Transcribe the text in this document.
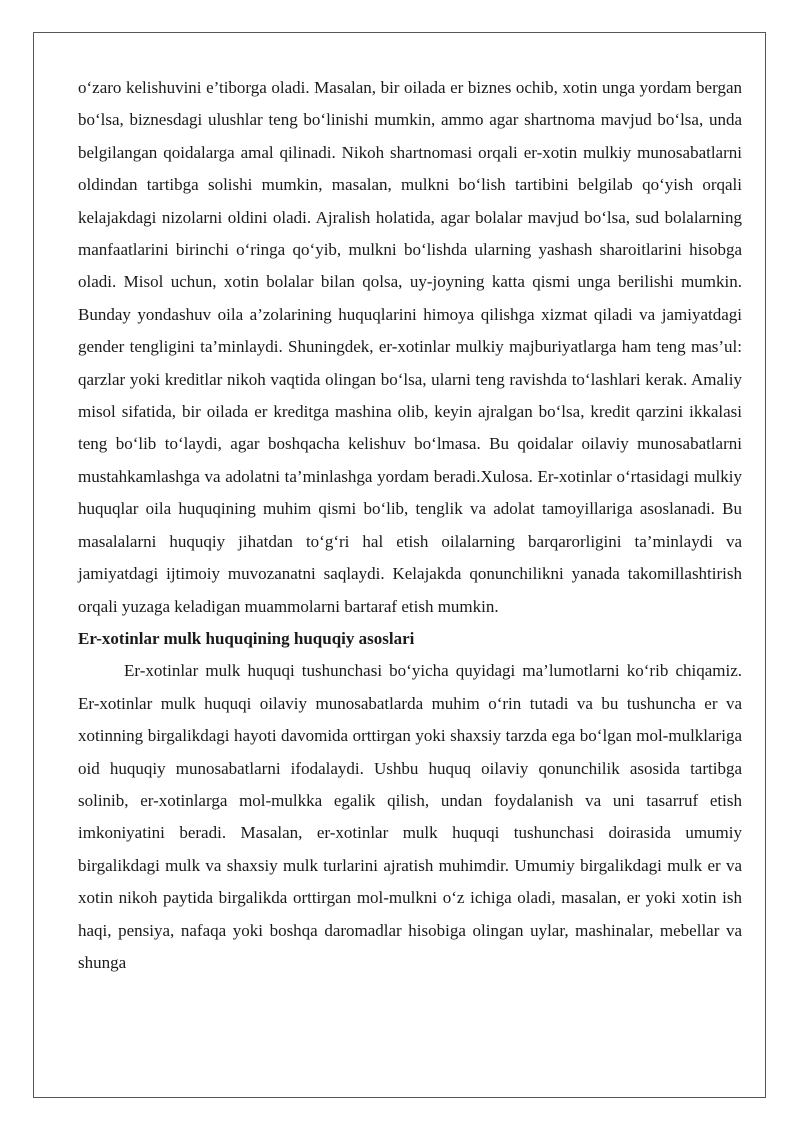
o‘zaro kelishuvini e’tiborga oladi. Masalan, bir oilada er biznes ochib, xotin unga yordam bergan bo‘lsa, biznesdagi ulushlar teng bo‘linishi mumkin, ammo agar shartnoma mavjud bo‘lsa, unda belgilangan qoidalarga amal qilinadi. Nikoh shartnomasi orqali er-xotin mulkiy munosabatlarni oldindan tartibga solishi mumkin, masalan, mulkni bo‘lish tartibini belgilab qo‘yish orqali kelajakdagi nizolarni oldini oladi. Ajralish holatida, agar bolalar mavjud bo‘lsa, sud bolalarning manfaatlarini birinchi o‘ringa qo‘yib, mulkni bo‘lishda ularning yashash sharoitlarini hisobga oladi. Misol uchun, xotin bolalar bilan qolsa, uy-joyning katta qismi unga berilishi mumkin. Bunday yondashuv oila a’zolarining huquqlarini himoya qilishga xizmat qiladi va jamiyatdagi gender tengligini ta’minlaydi. Shuningdek, er-xotinlar mulkiy majburiyatlarga ham teng mas’ul: qarzlar yoki kreditlar nikoh vaqtida olingan bo‘lsa, ularni teng ravishda to‘lashlari kerak. Amaliy misol sifatida, bir oilada er kreditga mashina olib, keyin ajralgan bo‘lsa, kredit qarzini ikkalasi teng bo‘lib to‘laydi, agar boshqacha kelishuv bo‘lmasa. Bu qoidalar oilaviy munosabatlarni mustahkamlashga va adolatni ta’minlashga yordam beradi.Xulosa. Er-xotinlar o‘rtasidagi mulkiy huquqlar oila huquqining muhim qismi bo‘lib, tenglik va adolat tamoyillariga asoslanadi. Bu masalalarni huquqiy jihatdan to‘g‘ri hal etish oilalarning barqarorligini ta’minlaydi va jamiyatdagi ijtimoiy muvozanatni saqlaydi. Kelajakda qonunchilikni yanada takomillashtirish orqali yuzaga keladigan muammolarni bartaraf etish mumkin.

Er-xotinlar mulk huquqining huquqiy asoslari

Er-xotinlar mulk huquqi tushunchasi bo‘yicha quyidagi ma’lumotlarni ko‘rib chiqamiz. Er-xotinlar mulk huquqi oilaviy munosabatlarda muhim o‘rin tutadi va bu tushuncha er va xotinning birgalikdagi hayoti davomida orttirgan yoki shaxsiy tarzda ega bo‘lgan mol-mulklariga oid huquqiy munosabatlarni ifodalaydi. Ushbu huquq oilaviy qonunchilik asosida tartibga solinib, er-xotinlarga mol-mulkka egalik qilish, undan foydalanish va uni tasarruf etish imkoniyatini beradi. Masalan, er-xotinlar mulk huquqi tushunchasi doirasida umumiy birgalikdagi mulk va shaxsiy mulk turlarini ajratish muhimdir. Umumiy birgalikdagi mulk er va xotin nikoh paytida birgalikda orttirgan mol-mulkni o‘z ichiga oladi, masalan, er yoki xotin ish haqi, pensiya, nafaqa yoki boshqa daromadlar hisobiga olingan uylar, mashinalar, mebellar va shunga
